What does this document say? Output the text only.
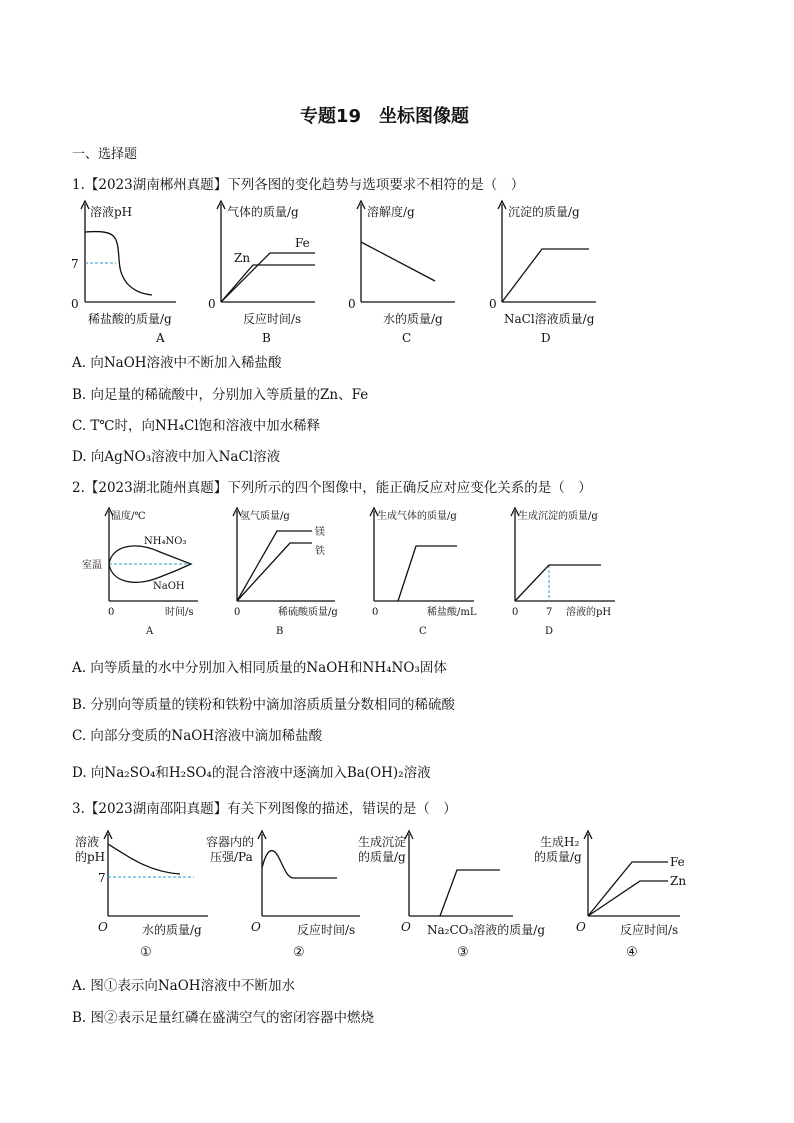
专题19　坐标图像题
一、选择题
1.【2023湖南郴州真题】下列各图的变化趋势与选项要求不相符的是（　）
溶液pH
7
0
稀盐酸的质量/g
A
气体的质量/g
0
Fe
Zn
反应时间/s
B
溶解度/g
0
水的质量/g
C
沉淀的质量/g
0
NaCl溶液质量/g
D
A. 向NaOH溶液中不断加入稀盐酸
B. 向足量的稀硫酸中，分别加入等质量的Zn、Fe
C. T℃时，向NH₄Cl饱和溶液中加水稀释
D. 向AgNO₃溶液中加入NaCl溶液
2.【2023湖北随州真题】下列所示的四个图像中，能正确反应对应变化关系的是（　）
温度/℃
室温
NH₄NO₃
NaOH
0	时间/s
A
氢气质量/g
镁
铁
0	稀硫酸质量/g
B
生成气体的质量/g
0	稀盐酸/mL
C
生成沉淀的质量/g
0	7 溶液的pH
D
A. 向等质量的水中分别加入相同质量的NaOH和NH₄NO₃固体
B. 分别向等质量的镁粉和铁粉中滴加溶质质量分数相同的稀硫酸
C. 向部分变质的NaOH溶液中滴加稀盐酸
D. 向Na₂SO₄和H₂SO₄的混合溶液中逐滴加入Ba(OH)₂溶液
3.【2023湖南邵阳真题】有关下列图像的描述，错误的是（　）
溶液
的pH
7
O	水的质量/g
①
容器内的
压强/Pa
O	反应时间/s
②
生成沉淀
的质量/g
O Na₂CO₃溶液的质量/g
③
生成H₂
的质量/g	Fe
Zn
O	反应时间/s
④
A. 图①表示向NaOH溶液中不断加水
B. 图②表示足量红磷在盛满空气的密闭容器中燃烧
